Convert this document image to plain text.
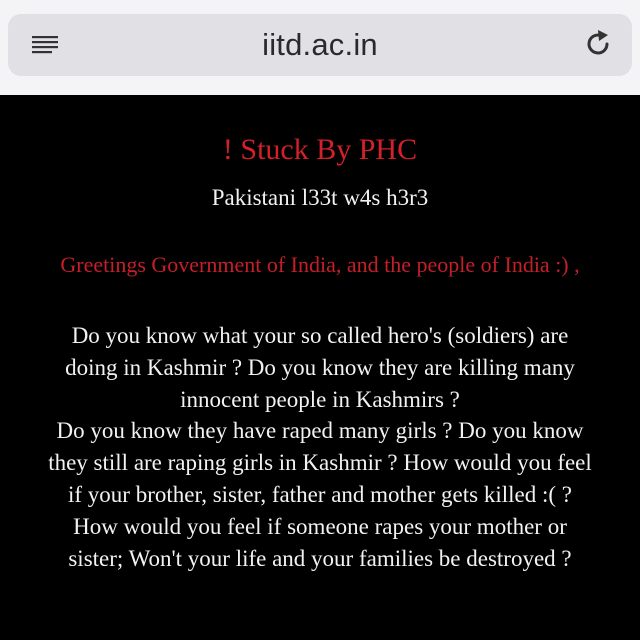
iitd.ac.in
! Stuck By PHC
Pakistani l33t w4s h3r3
Greetings Government of India, and the people of India :) ,
Do you know what your so called hero's (soldiers) are
doing in Kashmir ? Do you know they are killing many
innocent people in Kashmirs ?
Do you know they have raped many girls ? Do you know
they still are raping girls in Kashmir ? How would you feel
if your brother, sister, father and mother gets killed :( ?
How would you feel if someone rapes your mother or
sister; Won't your life and your families be destroyed ?
